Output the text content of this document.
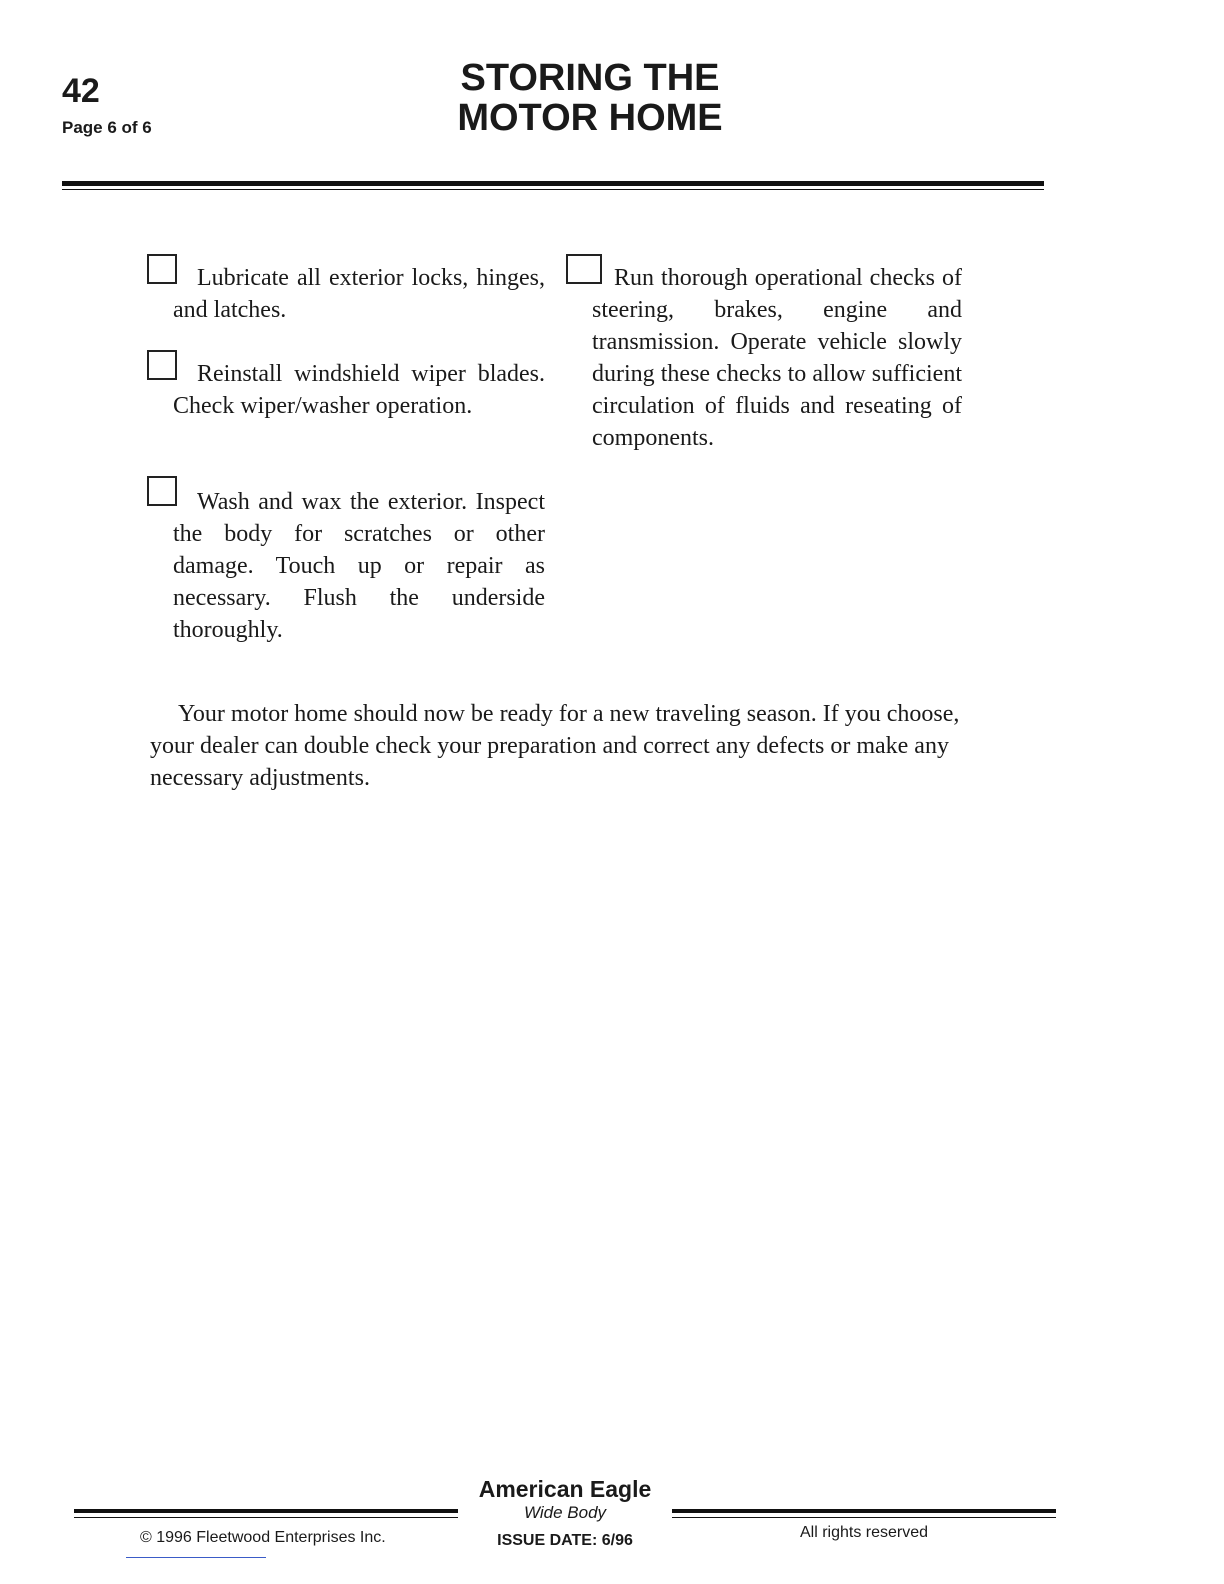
42
Page 6 of 6
STORING THE
MOTOR HOME
Lubricate all exterior locks, hinges, and latches.
Reinstall windshield wiper blades. Check wiper/washer operation.
Wash and wax the exterior. Inspect the body for scratches or other damage. Touch up or repair as necessary. Flush the underside thoroughly.
Run thorough operational checks of steering, brakes, engine and transmission. Operate vehicle slowly during these checks to allow sufficient circulation of fluids and reseating of components.
Your motor home should now be ready for a new traveling season. If you choose, your dealer can double check your preparation and correct any defects or make any necessary adjustments.
American Eagle
Wide Body
ISSUE DATE: 6/96
© 1996 Fleetwood Enterprises Inc.	All rights reserved
